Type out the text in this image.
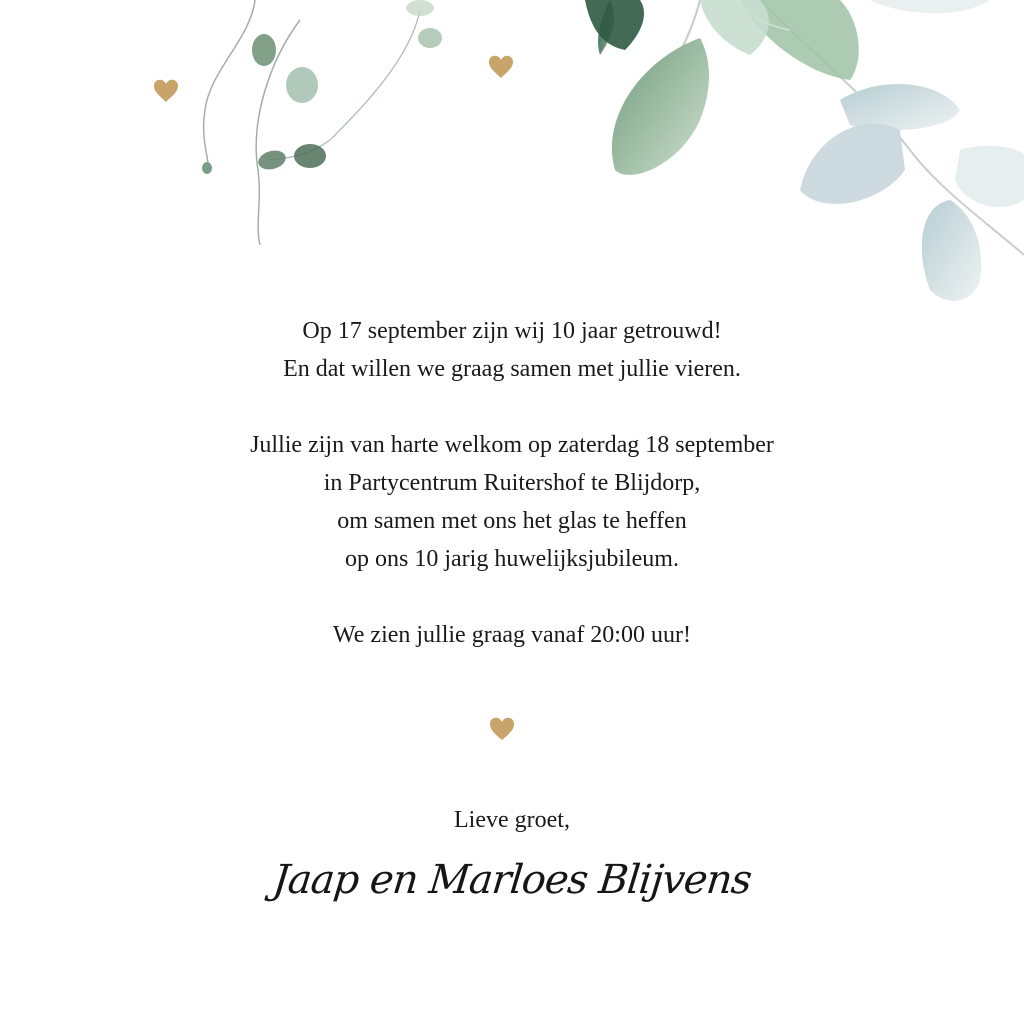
Op 17 september zijn wij 10 jaar getrouwd!

En dat willen we graag samen met jullie vieren.

Jullie zijn van harte welkom op zaterdag 18 september

in Partycentrum Ruitershof te Blijdorp,

om samen met ons het glas te heffen

op ons 10 jarig huwelijksjubileum.

We zien jullie graag vanaf 20:00 uur!

Lieve groet,

Jaap en Marloes Blijvens
